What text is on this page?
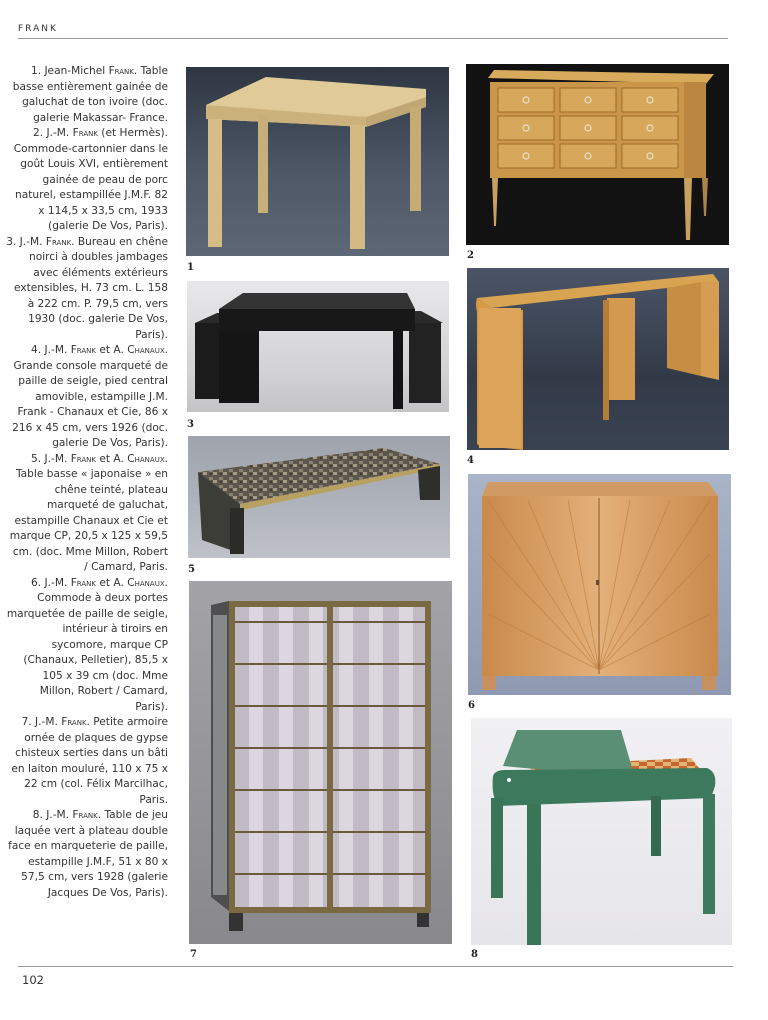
FRANK

1. Jean-Michel Frank. Table basse entièrement gainée de galuchat de ton ivoire (doc. galerie Makassar- France.

2. J.-M. Frank (et Hermès). Commode-cartonnier dans le goût Louis XVI, entièrement gainée de peau de porc naturel, estampillée J.M.F. 82 x 114,5 x 33,5 cm, 1933 (galerie De Vos, Paris).

3. J.-M. Frank. Bureau en chêne noirci à doubles jambages avec éléments extérieurs extensibles, H. 73 cm. L. 158 à 222 cm. P. 79,5 cm, vers 1930 (doc. galerie De Vos, Paris).

4. J.-M. Frank et A. Chanaux. Grande console marqueté de paille de seigle, pied central amovible, estampille J.M. Frank - Chanaux et Cie, 86 x 216 x 45 cm, vers 1926 (doc. galerie De Vos, Paris).

5. J.-M. Frank et A. Chanaux. Table basse « japonaise » en chêne teinté, plateau marqueté de galuchat, estampille Chanaux et Cie et marque CP, 20,5 x 125 x 59,5 cm. (doc. Mme Millon, Robert / Camard, Paris.

6. J.-M. Frank et A. Chanaux. Commode à deux portes marquetée de paille de seigle, intérieur à tiroirs en sycomore, marque CP (Chanaux, Pelletier), 85,5 x 105 x 39 cm (doc. Mme Millon, Robert / Camard, Paris).

7. J.-M. Frank. Petite armoire ornée de plaques de gypse chisteux serties dans un bâti en laiton mouluré, 110 x 75 x 22 cm (col. Félix Marcilhac, Paris.

8. J.-M. Frank. Table de jeu laquée vert à plateau double face en marqueterie de paille, estampille J.M.F, 51 x 80 x 57,5 cm, vers 1928 (galerie Jacques De Vos, Paris).

1
2
3
4
5
6
7	8
102
